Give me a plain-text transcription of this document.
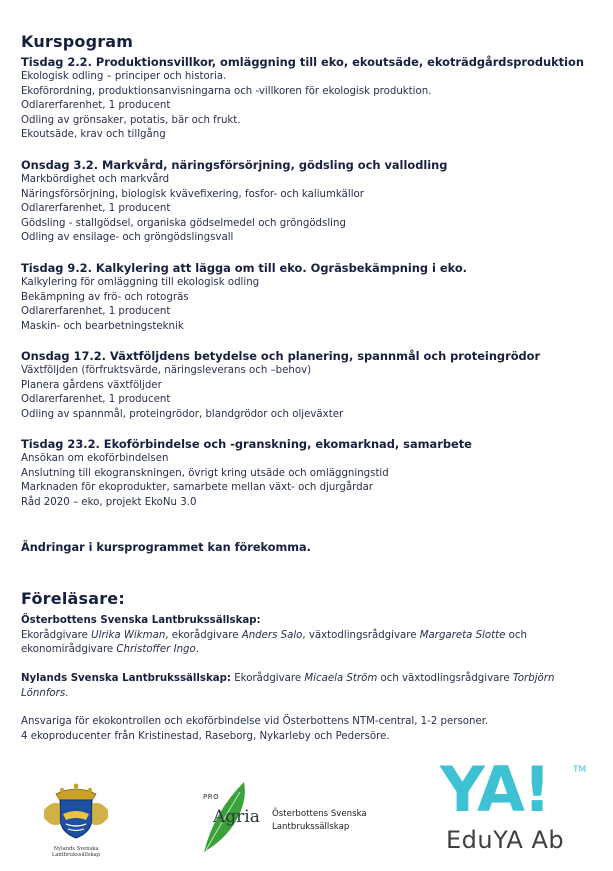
Kurspogram
Tisdag 2.2. Produktionsvillkor, omläggning till eko, ekoutsäde, ekoträdgårdsproduktion
Ekologisk odling – principer och historia.
Ekoförordning, produktionsanvisningarna och -villkoren för ekologisk produktion.
Odlarerfarenhet, 1 producent
Odling av grönsaker, potatis, bär och frukt.
Ekoutsäde, krav och tillgång
Onsdag 3.2. Markvård, näringsförsörjning, gödsling och vallodling
Markbördighet och markvård
Näringsförsörjning, biologisk kvävefixering, fosfor- och kaliumkällor
Odlarerfarenhet, 1 producent
Gödsling - stallgödsel, organiska gödselmedel och gröngödsling
Odling av ensilage- och gröngödslingsvall
Tisdag 9.2. Kalkylering att lägga om till eko. Ogräsbekämpning i eko.
Kalkylering för omläggning till ekologisk odling
Bekämpning av frö- och rotogräs
Odlarerfarenhet, 1 producent
Maskin- och bearbetningsteknik
Onsdag 17.2. Växtföljdens betydelse och planering, spannmål och proteingrödor
Växtföljden (förfruktsvärde, näringsleverans och –behov)
Planera gårdens växtföljder
Odlarerfarenhet, 1 producent
Odling av spannmål, proteingrödor, blandgrödor och oljeväxter
Tisdag 23.2. Ekoförbindelse och -granskning, ekomarknad, samarbete
Ansökan om ekoförbindelsen
Anslutning till ekogranskningen, övrigt kring utsäde och omläggningstid
Marknaden för ekoprodukter, samarbete mellan växt- och djurgårdar
Råd 2020 – eko, projekt EkoNu 3.0
Ändringar i kursprogrammet kan förekomma.
Föreläsare:
Österbottens Svenska Lantbrukssällskap:
Ekorådgivare Ulrika Wikman, ekorådgivare Anders Salo, växtodlingsrådgivare Margareta Slotte och
ekonomirådgivare Christoffer Ingo.
Nylands Svenska Lantbrukssällskap: Ekorådgivare Micaela Ström och växtodlingsrådgivare Torbjörn
Lönnfors.
Ansvariga för ekokontrollen och ekoförbindelse vid Österbottens NTM-central, 1-2 personer.
4 ekoproducenter från Kristinestad, Raseborg, Nykarleby och Pedersöre.
Nylands Svenska
Lantbrukssällskap
PRO
Agria Österbottens Svenska
Lantbrukssällskap
YA!	TM
EduYA Ab
